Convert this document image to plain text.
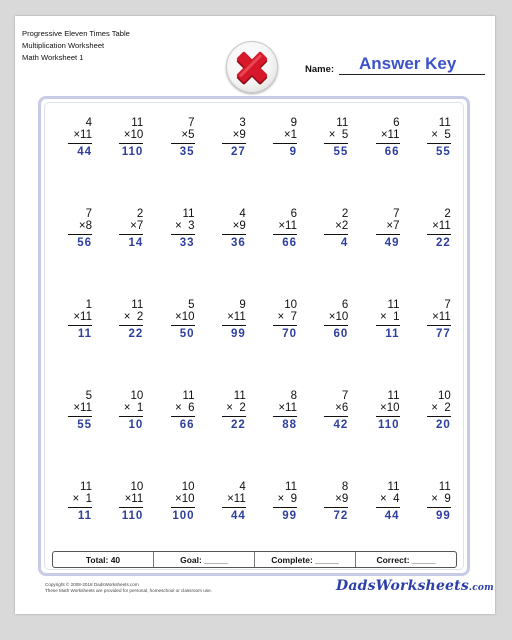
Progressive Eleven Times Table
Multiplication Worksheet
Math Worksheet 1
Name: Answer Key
4
×11
44
11
×10
110
7
×5
35
3
×9
27
9
×1
9
11
×  5
55
6
×11
66
11
×  5
55
7
×8
56
2
×7
14
11
×  3
33
4
×9
36
6
×11
66
2
×2
4
7
×7
49
2
×11
22
1
×11
11
11
×  2
22
5
×10
50
9
×11
99
10
×  7
70
6
×10
60
11
×  1
11
7
×11
77
5
×11
55
10
×  1
10
11
×  6
66
11
×  2
22
8
×11
88
7
×6
42
11
×10
110
10
×  2
20
11
×  1
11
10
×11
110
10
×10
100
4
×11
44
11
×  9
99
8
×9
72
11
×  4
44
11
×  9
99
Total: 40	Goal: _____	Complete: _____	Correct: _____
Copyright © 2008-2018 DadsWorksheets.com
These Math Worksheets are provided for personal, homeschool or classroom use.	DadsWorksheets.com
